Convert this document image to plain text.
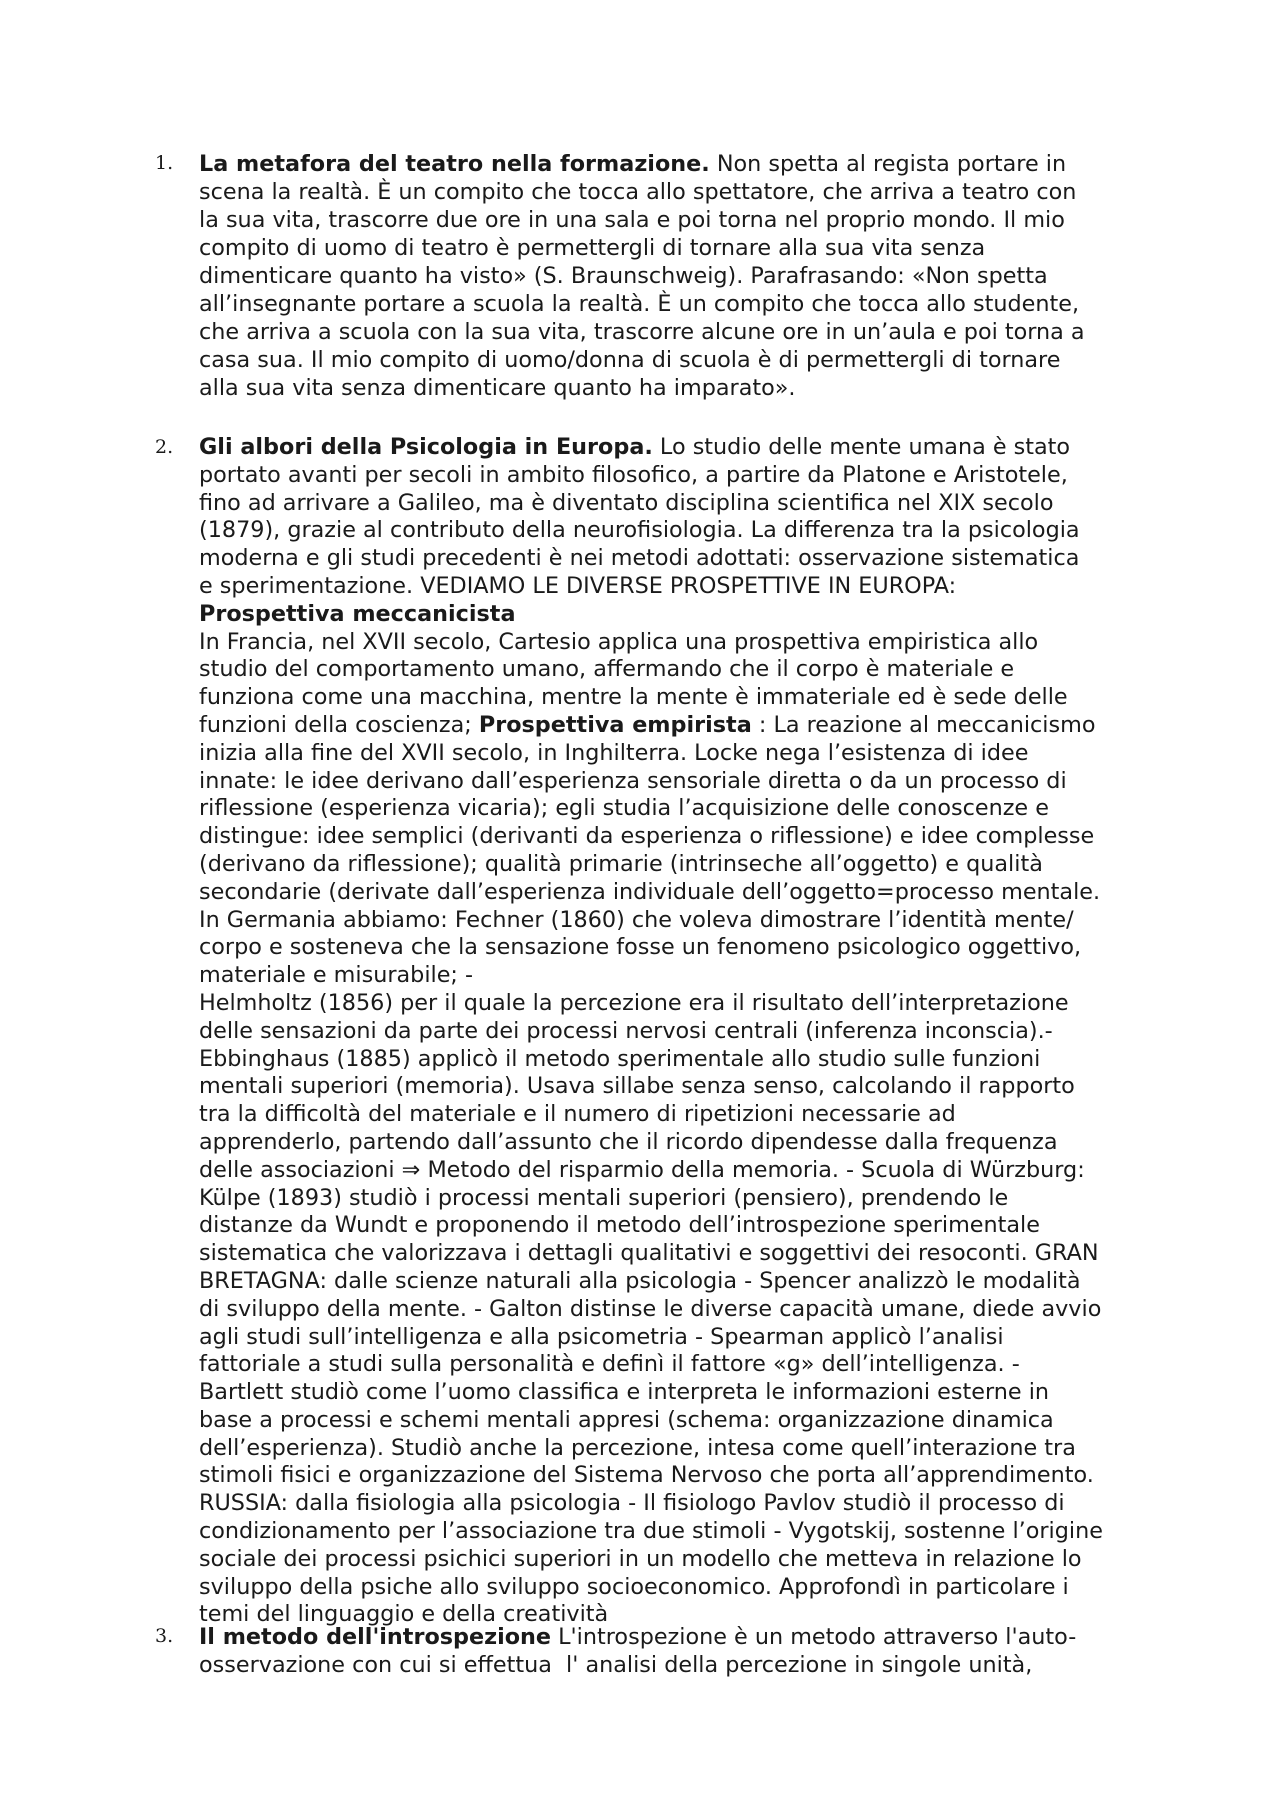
1. La metafora del teatro nella formazione. Non spetta al regista portare in
scena la realtà. È un compito che tocca allo spettatore, che arriva a teatro con
la sua vita, trascorre due ore in una sala e poi torna nel proprio mondo. Il mio
compito di uomo di teatro è permettergli di tornare alla sua vita senza
dimenticare quanto ha visto» (S. Braunschweig). Parafrasando: «Non spetta
all’insegnante portare a scuola la realtà. È un compito che tocca allo studente,
che arriva a scuola con la sua vita, trascorre alcune ore in un’aula e poi torna a
casa sua. Il mio compito di uomo/donna di scuola è di permettergli di tornare
alla sua vita senza dimenticare quanto ha imparato».
2. Gli albori della Psicologia in Europa. Lo studio delle mente umana è stato
portato avanti per secoli in ambito filosofico, a partire da Platone e Aristotele,
fino ad arrivare a Galileo, ma è diventato disciplina scientifica nel XIX secolo
(1879), grazie al contributo della neurofisiologia. La differenza tra la psicologia
moderna e gli studi precedenti è nei metodi adottati: osservazione sistematica
e sperimentazione. VEDIAMO LE DIVERSE PROSPETTIVE IN EUROPA:
Prospettiva meccanicista
In Francia, nel XVII secolo, Cartesio applica una prospettiva empiristica allo
studio del comportamento umano, affermando che il corpo è materiale e
funziona come una macchina, mentre la mente è immateriale ed è sede delle
funzioni della coscienza; Prospettiva empirista : La reazione al meccanicismo
inizia alla fine del XVII secolo, in Inghilterra. Locke nega l’esistenza di idee
innate: le idee derivano dall’esperienza sensoriale diretta o da un processo di
riflessione (esperienza vicaria); egli studia l’acquisizione delle conoscenze e
distingue: idee semplici (derivanti da esperienza o riflessione) e idee complesse
(derivano da riflessione); qualità primarie (intrinseche all’oggetto) e qualità
secondarie (derivate dall’esperienza individuale dell’oggetto=processo mentale.
In Germania abbiamo: Fechner (1860) che voleva dimostrare l’identità mente/
corpo e sosteneva che la sensazione fosse un fenomeno psicologico oggettivo,
materiale e misurabile; -
Helmholtz (1856) per il quale la percezione era il risultato dell’interpretazione
delle sensazioni da parte dei processi nervosi centrali (inferenza inconscia).-
Ebbinghaus (1885) applicò il metodo sperimentale allo studio sulle funzioni
mentali superiori (memoria). Usava sillabe senza senso, calcolando il rapporto
tra la difficoltà del materiale e il numero di ripetizioni necessarie ad
apprenderlo, partendo dall’assunto che il ricordo dipendesse dalla frequenza
delle associazioni ⇒ Metodo del risparmio della memoria. - Scuola di Würzburg:
Külpe (1893) studiò i processi mentali superiori (pensiero), prendendo le
distanze da Wundt e proponendo il metodo dell’introspezione sperimentale
sistematica che valorizzava i dettagli qualitativi e soggettivi dei resoconti. GRAN
BRETAGNA: dalle scienze naturali alla psicologia - Spencer analizzò le modalità
di sviluppo della mente. - Galton distinse le diverse capacità umane, diede avvio
agli studi sull’intelligenza e alla psicometria - Spearman applicò l’analisi
fattoriale a studi sulla personalità e definì il fattore «g» dell’intelligenza. -
Bartlett studiò come l’uomo classifica e interpreta le informazioni esterne in
base a processi e schemi mentali appresi (schema: organizzazione dinamica
dell’esperienza). Studiò anche la percezione, intesa come quell’interazione tra
stimoli fisici e organizzazione del Sistema Nervoso che porta all’apprendimento.
RUSSIA: dalla fisiologia alla psicologia - Il fisiologo Pavlov studiò il processo di
condizionamento per l’associazione tra due stimoli - Vygotskij, sostenne l’origine
sociale dei processi psichici superiori in un modello che metteva in relazione lo
sviluppo della psiche allo sviluppo socioeconomico. Approfondì in particolare i
temi del linguaggio e della creatività
3. Il metodo dell'introspezione L'introspezione è un metodo attraverso l'auto-
osservazione con cui si effettua  l' analisi della percezione in singole unità,
